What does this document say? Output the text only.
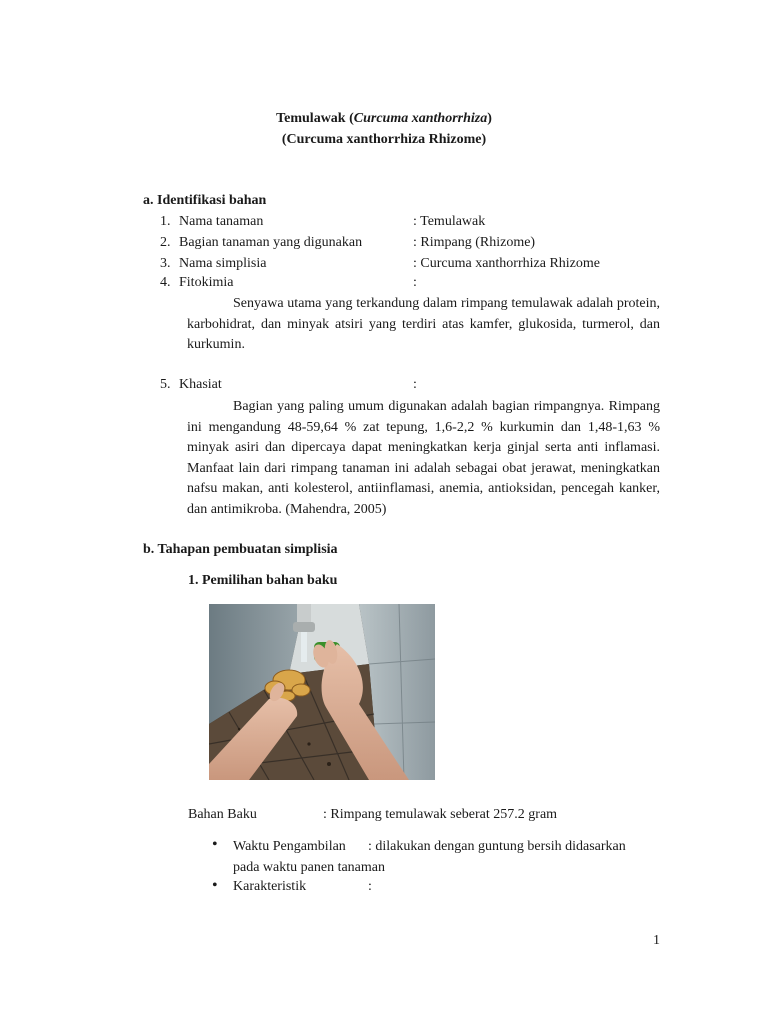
Temulawak (Curcuma xanthorrhiza)
(Curcuma xanthorrhiza Rhizome)
a. Identifikasi bahan
1. Nama tanaman	: Temulawak
2. Bagian tanaman yang digunakan	: Rimpang (Rhizome)
3. Nama simplisia	: Curcuma xanthorrhiza Rhizome
4. Fitokimia	:
Senyawa utama yang terkandung dalam rimpang temulawak adalah protein, karbohidrat, dan minyak atsiri yang terdiri atas kamfer, glukosida, turmerol, dan kurkumin.
5. Khasiat	:
Bagian yang paling umum digunakan adalah bagian rimpangnya. Rimpang ini mengandung 48-59,64 % zat tepung, 1,6-2,2 % kurkumin dan 1,48-1,63 % minyak asiri dan dipercaya dapat meningkatkan kerja ginjal serta anti inflamasi. Manfaat lain dari rimpang tanaman ini adalah sebagai obat jerawat, meningkatkan nafsu makan, anti kolesterol, antiinflamasi, anemia, antioksidan, pencegah kanker, dan antimikroba. (Mahendra, 2005)
b. Tahapan pembuatan simplisia
1. Pemilihan bahan baku
Bahan Baku	: Rimpang temulawak seberat 257.2 gram
• Waktu Pengambilan : dilakukan dengan guntung bersih didasarkan
pada waktu panen tanaman
• Karakteristik	:
1
